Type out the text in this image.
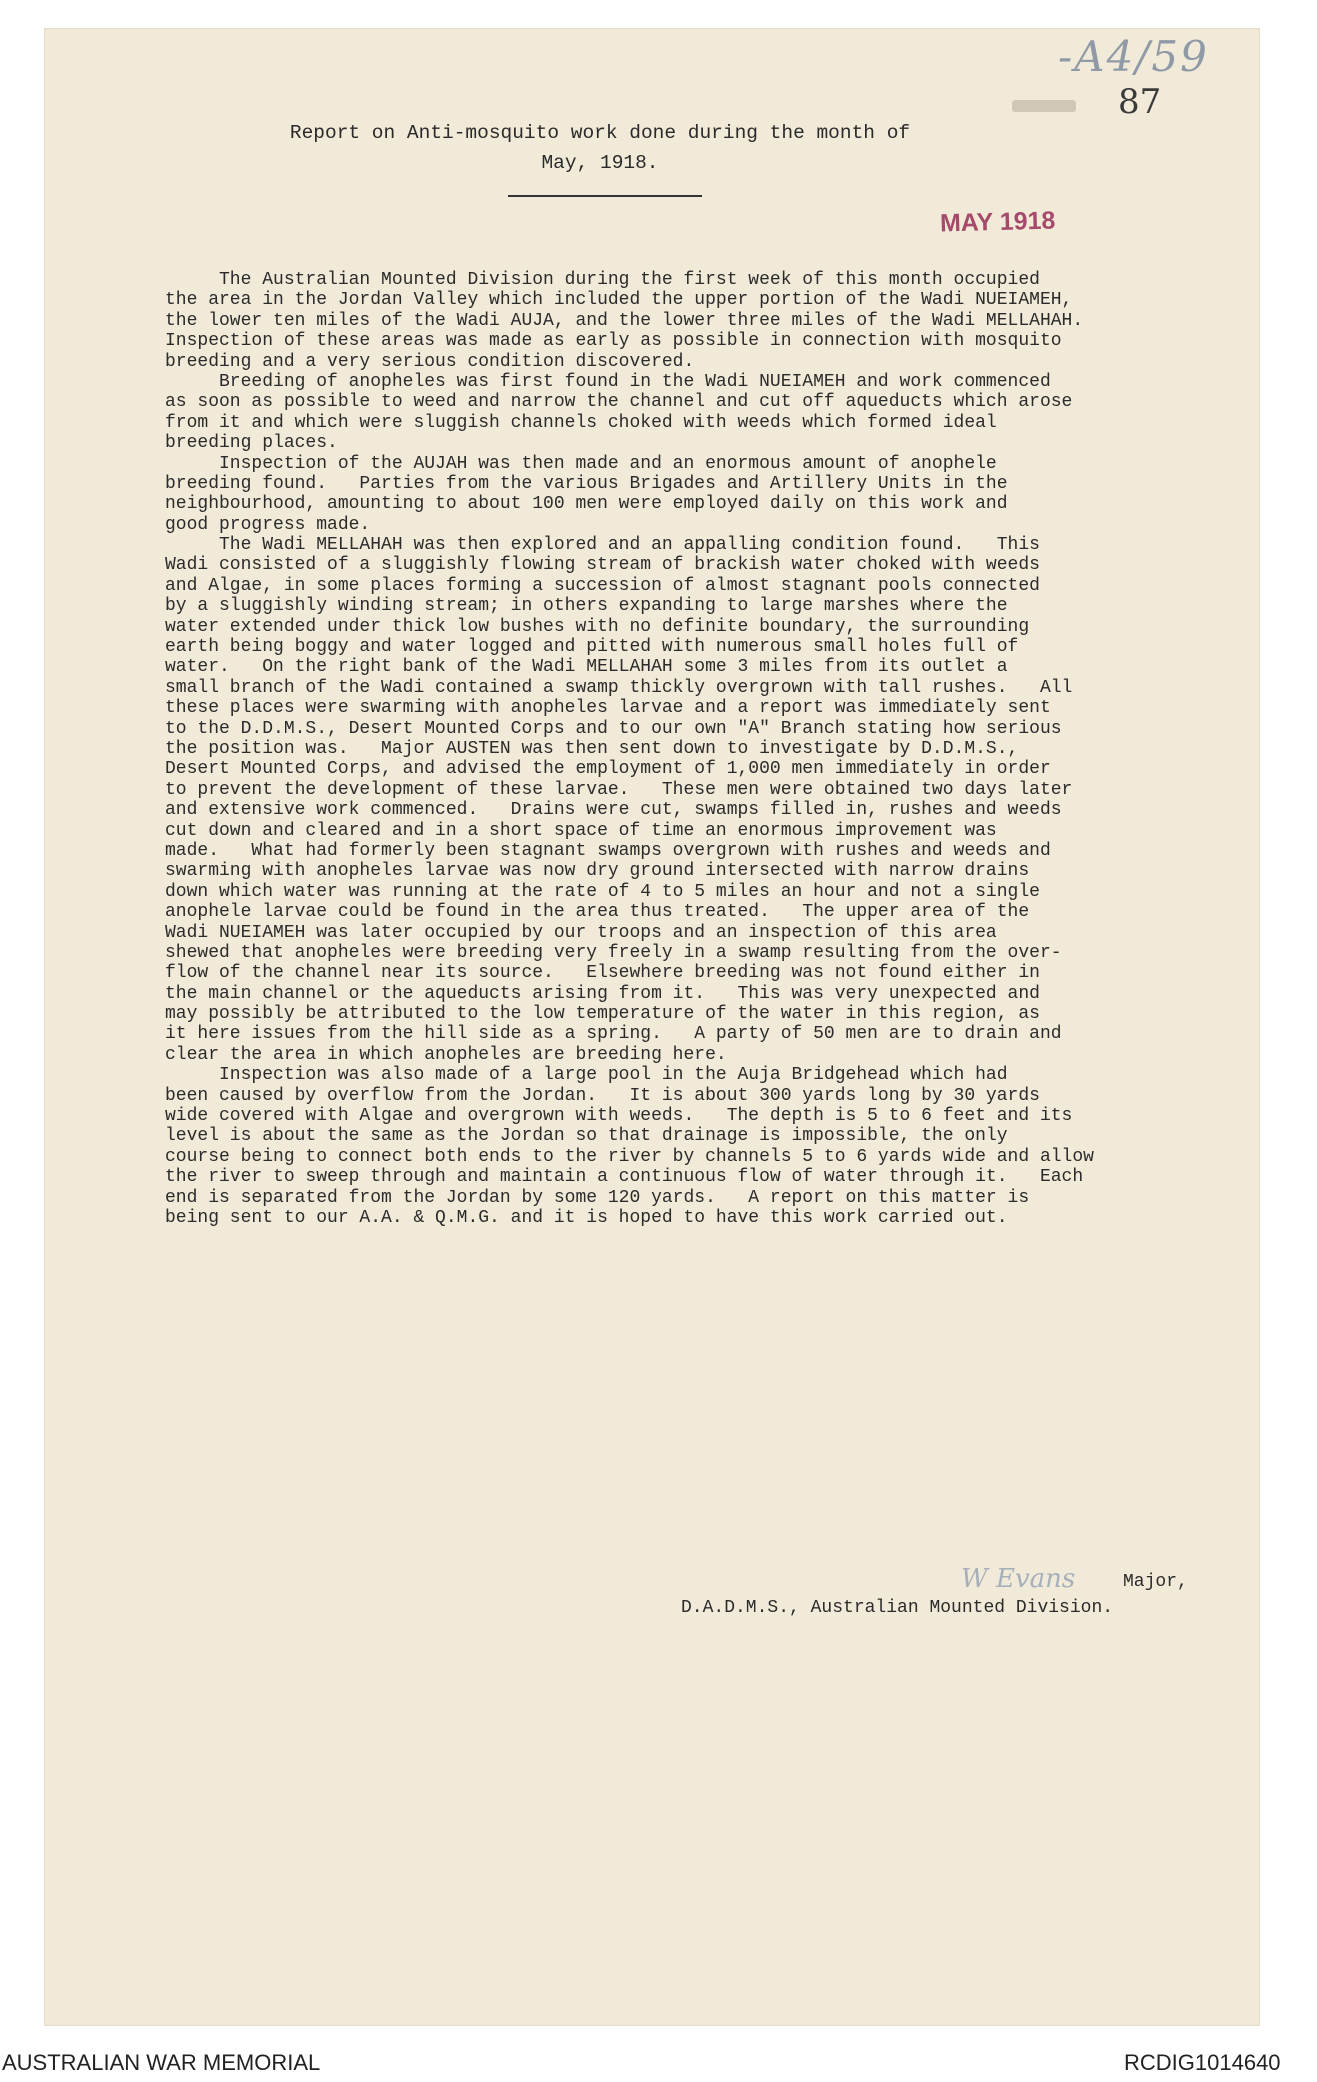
-A4/59
87
Report on Anti-mosquito work done during the month of
May, 1918.
MAY 1918
The Australian Mounted Division during the first week of this month occupied
the area in the Jordan Valley which included the upper portion of the Wadi NUEIAMEH,
the lower ten miles of the Wadi AUJA, and the lower three miles of the Wadi MELLAHAH.
Inspection of these areas was made as early as possible in connection with mosquito
breeding and a very serious condition discovered.
Breeding of anopheles was first found in the Wadi NUEIAMEH and work commenced
as soon as possible to weed and narrow the channel and cut off aqueducts which arose
from it and which were sluggish channels choked with weeds which formed ideal
breeding places.
Inspection of the AUJAH was then made and an enormous amount of anophele
breeding found.   Parties from the various Brigades and Artillery Units in the
neighbourhood, amounting to about 100 men were employed daily on this work and
good progress made.
The Wadi MELLAHAH was then explored and an appalling condition found.   This
Wadi consisted of a sluggishly flowing stream of brackish water choked with weeds
and Algae, in some places forming a succession of almost stagnant pools connected
by a sluggishly winding stream; in others expanding to large marshes where the
water extended under thick low bushes with no definite boundary, the surrounding
earth being boggy and water logged and pitted with numerous small holes full of
water.   On the right bank of the Wadi MELLAHAH some 3 miles from its outlet a
small branch of the Wadi contained a swamp thickly overgrown with tall rushes.   All
these places were swarming with anopheles larvae and a report was immediately sent
to the D.D.M.S., Desert Mounted Corps and to our own "A" Branch stating how serious
the position was.   Major AUSTEN was then sent down to investigate by D.D.M.S.,
Desert Mounted Corps, and advised the employment of 1,000 men immediately in order
to prevent the development of these larvae.   These men were obtained two days later
and extensive work commenced.   Drains were cut, swamps filled in, rushes and weeds
cut down and cleared and in a short space of time an enormous improvement was
made.   What had formerly been stagnant swamps overgrown with rushes and weeds and
swarming with anopheles larvae was now dry ground intersected with narrow drains
down which water was running at the rate of 4 to 5 miles an hour and not a single
anophele larvae could be found in the area thus treated.   The upper area of the
Wadi NUEIAMEH was later occupied by our troops and an inspection of this area
shewed that anopheles were breeding very freely in a swamp resulting from the over-
flow of the channel near its source.   Elsewhere breeding was not found either in
the main channel or the aqueducts arising from it.   This was very unexpected and
may possibly be attributed to the low temperature of the water in this region, as
it here issues from the hill side as a spring.   A party of 50 men are to drain and
clear the area in which anopheles are breeding here.
Inspection was also made of a large pool in the Auja Bridgehead which had
been caused by overflow from the Jordan.   It is about 300 yards long by 30 yards
wide covered with Algae and overgrown with weeds.   The depth is 5 to 6 feet and its
level is about the same as the Jordan so that drainage is impossible, the only
course being to connect both ends to the river by channels 5 to 6 yards wide and allow
the river to sweep through and maintain a continuous flow of water through it.   Each
end is separated from the Jordan by some 120 yards.   A report on this matter is
being sent to our A.A. & Q.M.G. and it is hoped to have this work carried out.
W Evans	Major,
D.A.D.M.S., Australian Mounted Division.
AUSTRALIAN WAR MEMORIAL	RCDIG1014640
